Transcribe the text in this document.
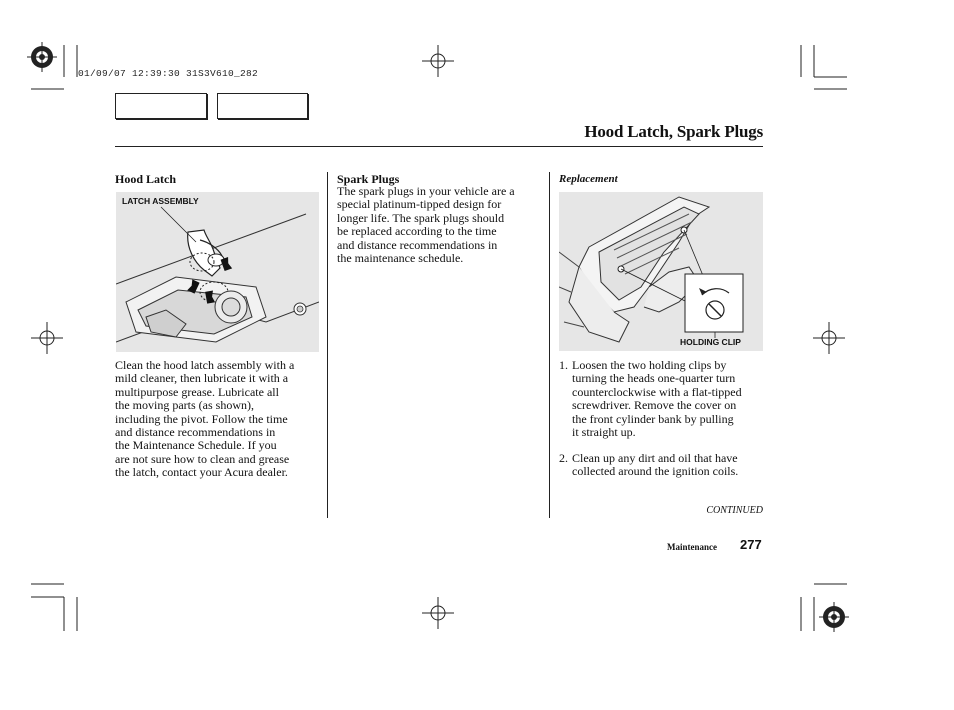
01/09/07 12:39:30 31S3V610_282
Hood Latch, Spark Plugs
Hood Latch
LATCH ASSEMBLY

Clean the hood latch assembly with a

mild cleaner, then lubricate it with a

multipurpose grease. Lubricate all

the moving parts (as shown),

including the pivot. Follow the time

and distance recommendations in

the Maintenance Schedule. If you

are not sure how to clean and grease

the latch, contact your Acura dealer.

Spark Plugs

The spark plugs in your vehicle are a

special platinum-tipped design for

longer life. The spark plugs should

be replaced according to the time

and distance recommendations in

the maintenance schedule.

Replacement
HOLDING CLIP
1. Loosen the two holding clips by

turning the heads one-quarter turn

counterclockwise with a flat-tipped

screwdriver. Remove the cover on

the front cylinder bank by pulling

it straight up.

2. Clean up any dirt and oil that have

collected around the ignition coils.

CONTINUED
Maintenance 277
